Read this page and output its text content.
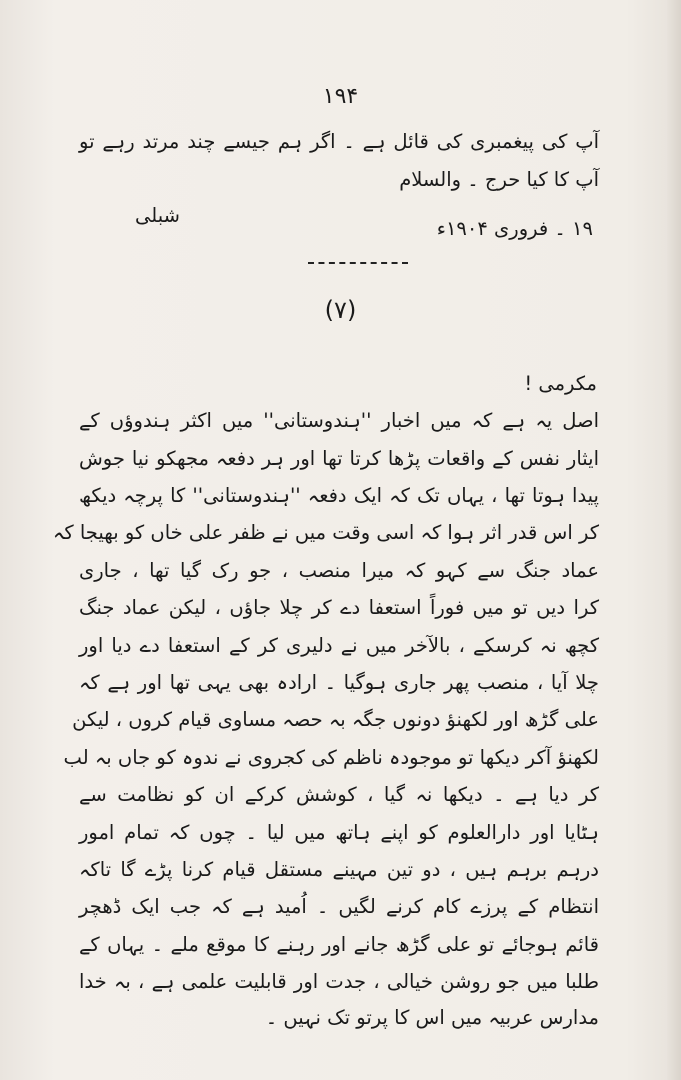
۱۹۴
آپ کی پیغمبری کی قائل ہے ۔ اگر ہم جیسے چند مرتد رہے تو
آپ کا کیا حرج ۔ والسلام
شبلی
۱۹ ۔ فروری ۱۹۰۴ء
(۷)
مکرمی !
اصل یہ ہے کہ میں اخبار ''ہندوستانی'' میں اکثر ہندوؤں کے
ایثار نفس کے واقعات پڑھا کرتا تھا اور ہر دفعہ مجھکو نیا جوش
پیدا ہوتا تھا ، یہاں تک کہ ایک دفعہ ''ہندوستانی'' کا پرچہ دیکھ
کر اس قدر اثر ہوا کہ اسی وقت میں نے ظفر علی خاں کو بھیجا کہ
عماد جنگ سے کہو کہ میرا منصب ، جو رک گیا تھا ، جاری
کرا دیں تو میں فوراً استعفا دے کر چلا جاؤں ، لیکن عماد جنگ
کچھ نہ کرسکے ، بالآخر میں نے دلیری کر کے استعفا دے دیا اور
چلا آیا ، منصب پھر جاری ہوگیا ۔ ارادہ بھی یہی تھا اور ہے کہ
علی گڑھ اور لکھنؤ دونوں جگہ بہ حصہ مساوی قیام کروں ، لیکن
لکھنؤ آکر دیکھا تو موجودہ ناظم کی کجروی نے ندوہ کو جاں بہ لب
کر دیا ہے ۔ دیکھا نہ گیا ، کوشش کرکے ان کو نظامت سے
ہٹایا اور دارالعلوم کو اپنے ہاتھ میں لیا ۔ چوں کہ تمام امور
درہم برہم ہیں ، دو تین مہینے مستقل قیام کرنا پڑے گا تاکہ
انتظام کے پرزے کام کرنے لگیں ۔ اُمید ہے کہ جب ایک ڈھچر
قائم ہوجائے تو علی گڑھ جانے اور رہنے کا موقع ملے ۔ یہاں کے
طلبا میں جو روشن خیالی ، جدت اور قابلیت علمی ہے ، بہ خدا
مدارس عربیہ میں اس کا پرتو تک نہیں ۔
